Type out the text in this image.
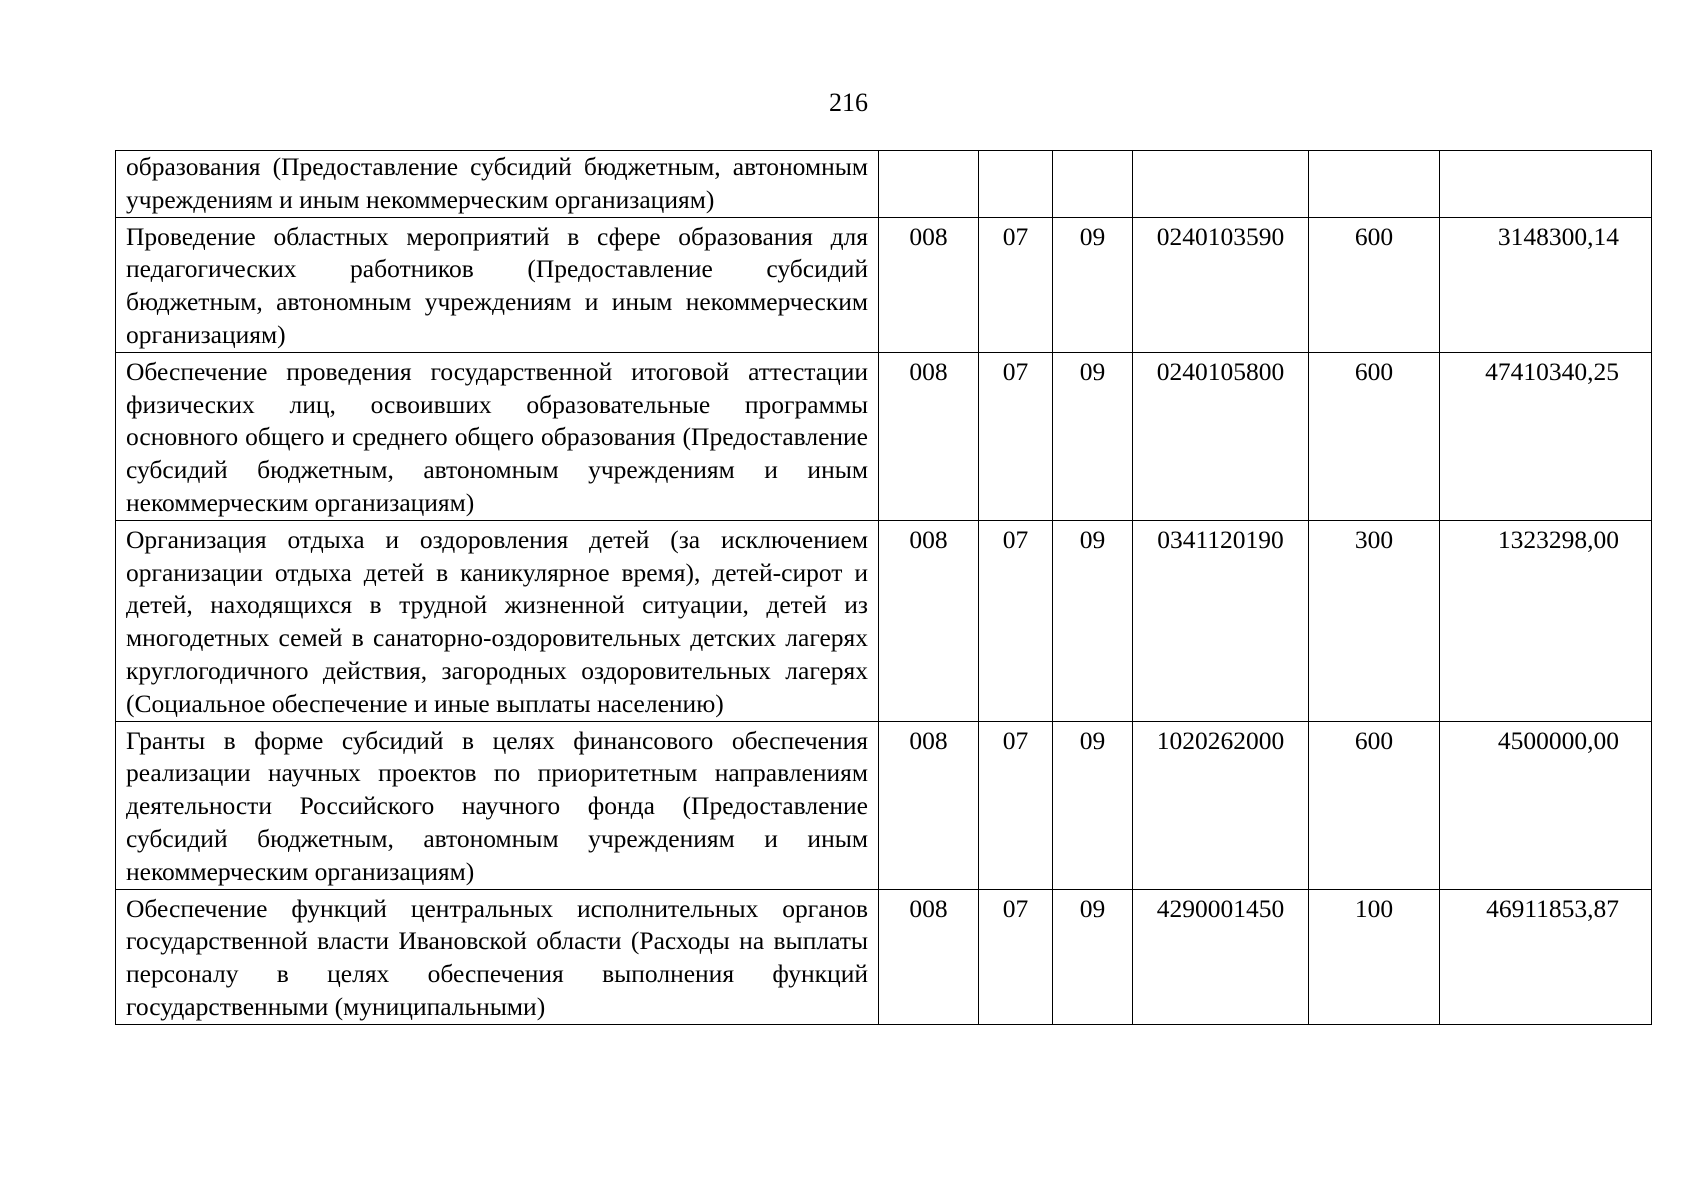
216
образования (Предоставление субсидий бюджетным, автономным учреждениям и иным некоммерческим организациям)						
Проведение областных мероприятий в сфере образования для педагогических работников (Предоставление субсидий бюджетным, автономным учреждениям и иным некоммерческим организациям)	008	07	09	0240103590	600	3148300,14
Обеспечение проведения государственной итоговой аттестации физических лиц, освоивших образовательные программы основного общего и среднего общего образования (Предоставление субсидий бюджетным, автономным учреждениям и иным некоммерческим организациям)	008	07	09	0240105800	600	47410340,25
Организация отдыха и оздоровления детей (за исключением организации отдыха детей в каникулярное время), детей-сирот и детей, находящихся в трудной жизненной ситуации, детей из многодетных семей в санаторно-оздоровительных детских лагерях круглогодичного действия, загородных оздоровительных лагерях (Социальное обеспечение и иные выплаты населению)	008	07	09	0341120190	300	1323298,00
Гранты в форме субсидий в целях финансового обеспечения реализации научных проектов по приоритетным направлениям деятельности Российского научного фонда (Предоставление субсидий бюджетным, автономным учреждениям и иным некоммерческим организациям)	008	07	09	1020262000	600	4500000,00
Обеспечение функций центральных исполнительных органов государственной власти Ивановской области (Расходы на выплаты персоналу в целях обеспечения выполнения функций государственными (муниципальными)	008	07	09	4290001450	100	46911853,87
